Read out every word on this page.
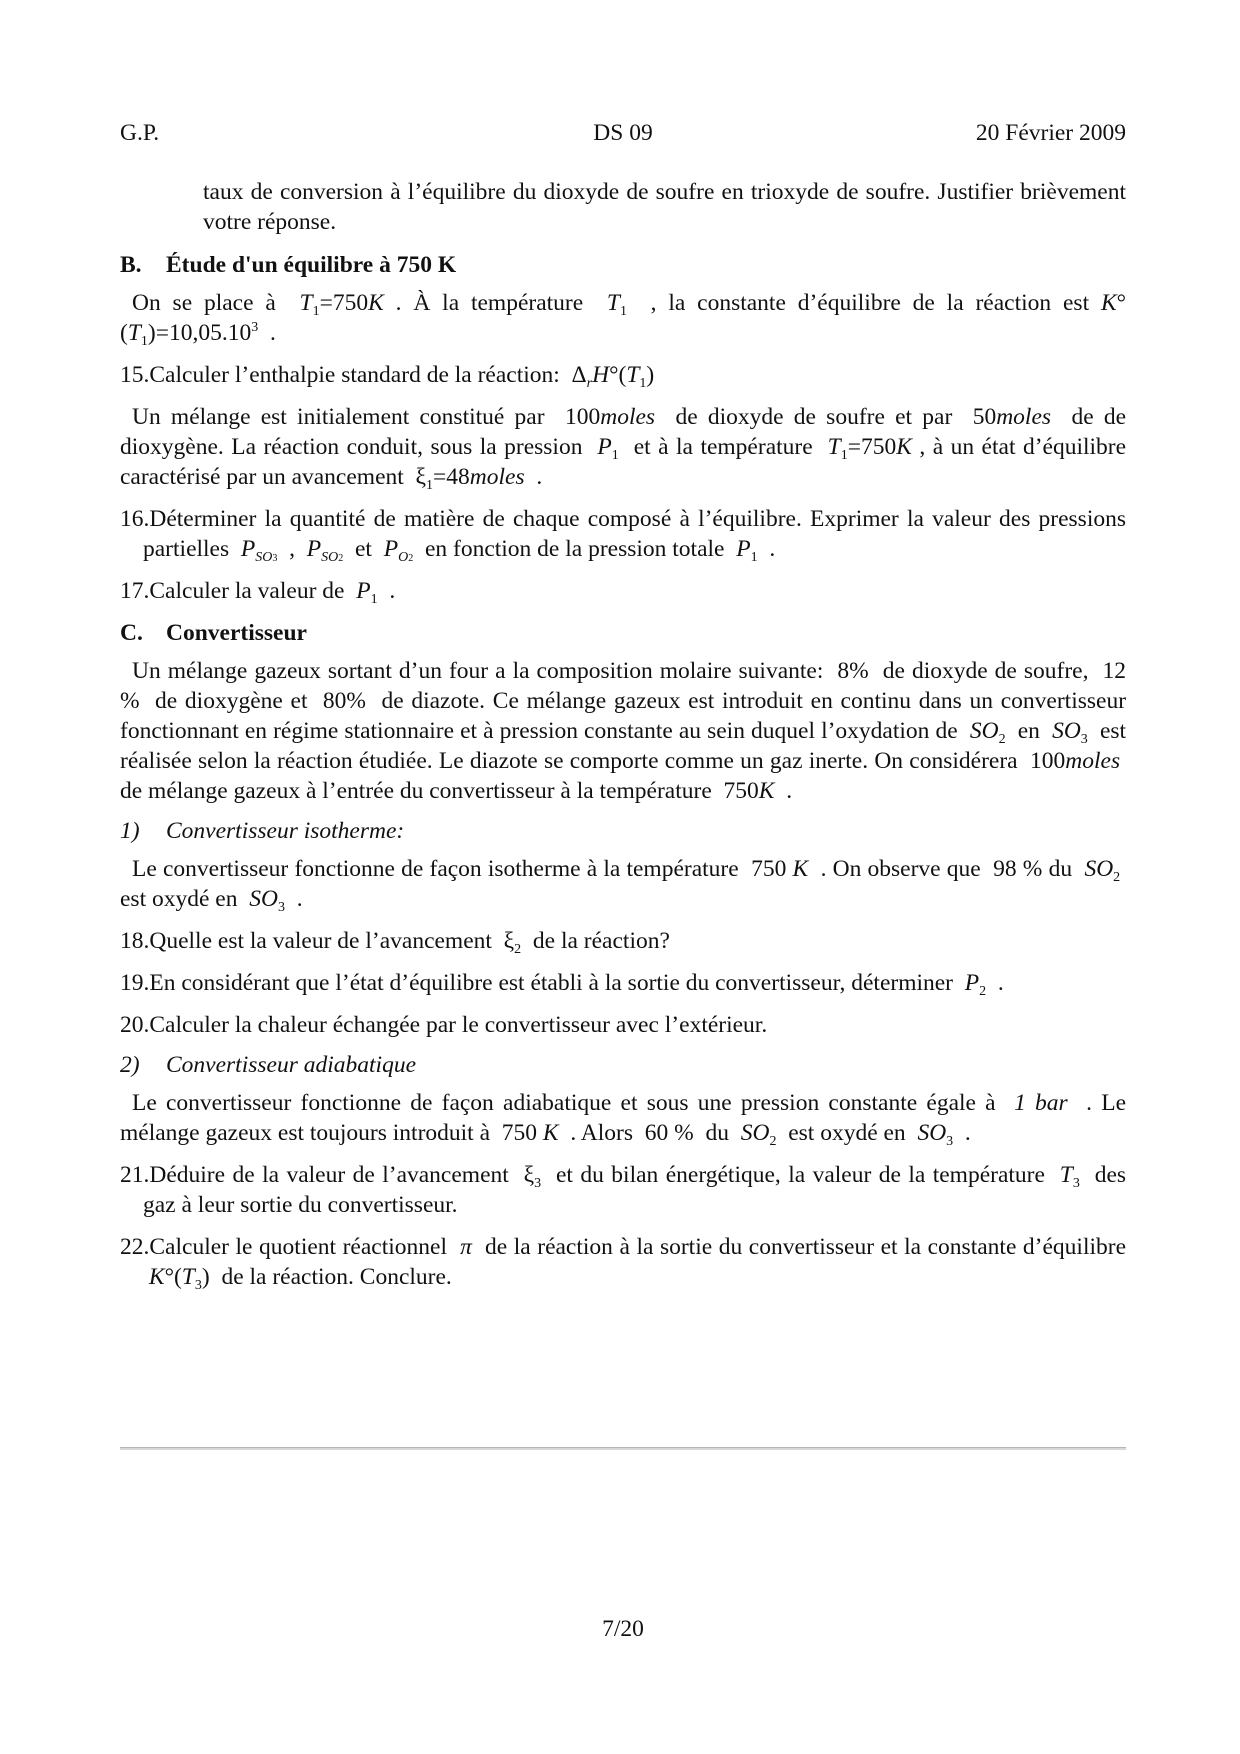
G.P.	DS 09	20 Février 2009

taux de conversion à l’équilibre du dioxyde de soufre en trioxyde de soufre. Justifier brièvement votre réponse.

B. Étude d'un équilibre à 750 K

On se place à $T_1=750K$ . À la température $T_1$ , la constante d’équilibre de la réaction est $K^\circ(T_1)=10,05.10^3$ .

15.Calculer l’enthalpie standard de la réaction: $\Delta_rH^\circ(T_1)$

Un mélange est initialement constitué par 100moles de dioxyde de soufre et par 50moles  de de dioxygène. La réaction conduit, sous la pression $P_1$ et à la température $T_1=750K$ , à un état d’équilibre caractérisé par un avancement $\xi_1=48moles$ .

16.Déterminer la quantité de matière de chaque composé à l’équilibre. Exprimer la valeur des pressions partielles $P_{SO3}$ , $P_{SO2}$ et $P_{O2}$ en fonction de la pression totale $P_1$ .

17.Calculer la valeur de $P_1$ .

C. Convertisseur

Un mélange gazeux sortant d’un four a la composition molaire suivante: 8% de dioxyde de soufre, 12 % de dioxygène et 80% de diazote. Ce mélange gazeux est introduit en continu dans un convertisseur fonctionnant en régime stationnaire et à pression constante au sein duquel l’oxydation de $SO_2$ en $SO_3$ est réalisée selon la réaction étudiée. Le diazote se comporte comme un gaz inerte. On considérera 100moles  de mélange gazeux à l’entrée du convertisseur à la température 750K .

1) Convertisseur isotherme:

Le convertisseur fonctionne de façon isotherme à la température 750 K . On observe que 98 % du $SO_2$  est oxydé en $SO_3$ .

18.Quelle est la valeur de l’avancement $\xi_2$ de la réaction?

19.En considérant que l’état d’équilibre est établi à la sortie du convertisseur, déterminer $P_2$ .

20.Calculer la chaleur échangée par le convertisseur avec l’extérieur.

2) Convertisseur adiabatique

Le convertisseur fonctionne de façon adiabatique et sous une pression constante égale à 1 bar . Le mélange gazeux est toujours introduit à 750 K . Alors 60 % du $SO_2$ est oxydé en $SO_3$ .

21.Déduire de la valeur de l’avancement $\xi_3$ et du bilan énergétique, la valeur de la température $T_3$ des gaz à leur sortie du convertisseur.

22.Calculer le quotient réactionnel π de la réaction à la sortie du convertisseur et la constante d’équilibre  $K^\circ(T_3)$ de la réaction. Conclure.

7/20
